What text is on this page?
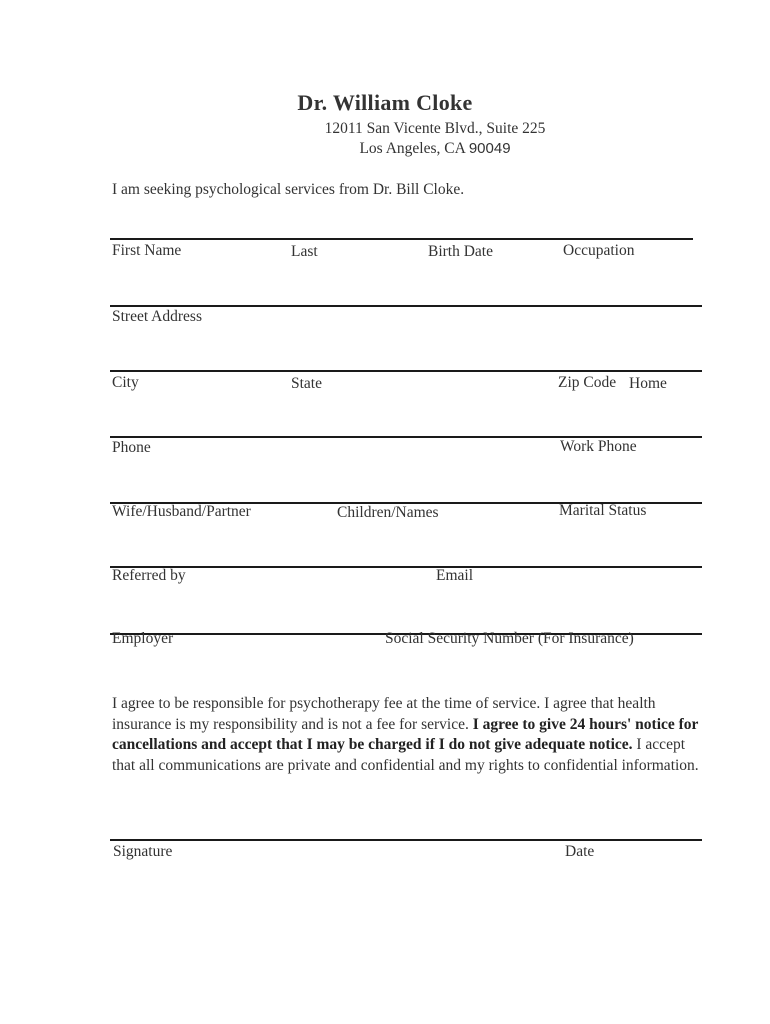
Dr. William Cloke
12011 San Vicente Blvd., Suite 225
Los Angeles, CA 90049
I am seeking psychological services from Dr. Bill Cloke.
First Name	Last	Birth Date	Occupation
Street Address
City	State	Zip Code Home
Phone	Work Phone
Wife/Husband/Partner	Children/Names	Marital Status
Referred by	Email
Employer	Social Security Number (For Insurance)
I agree to be responsible for psychotherapy fee at the time of service. I agree that health insurance is my responsibility and is not a fee for service. I agree to give 24 hours' notice for cancellations and accept that I may be charged if I do not give adequate notice. I accept that all communications are private and confidential and my rights to confidential information.
Signature	Date
